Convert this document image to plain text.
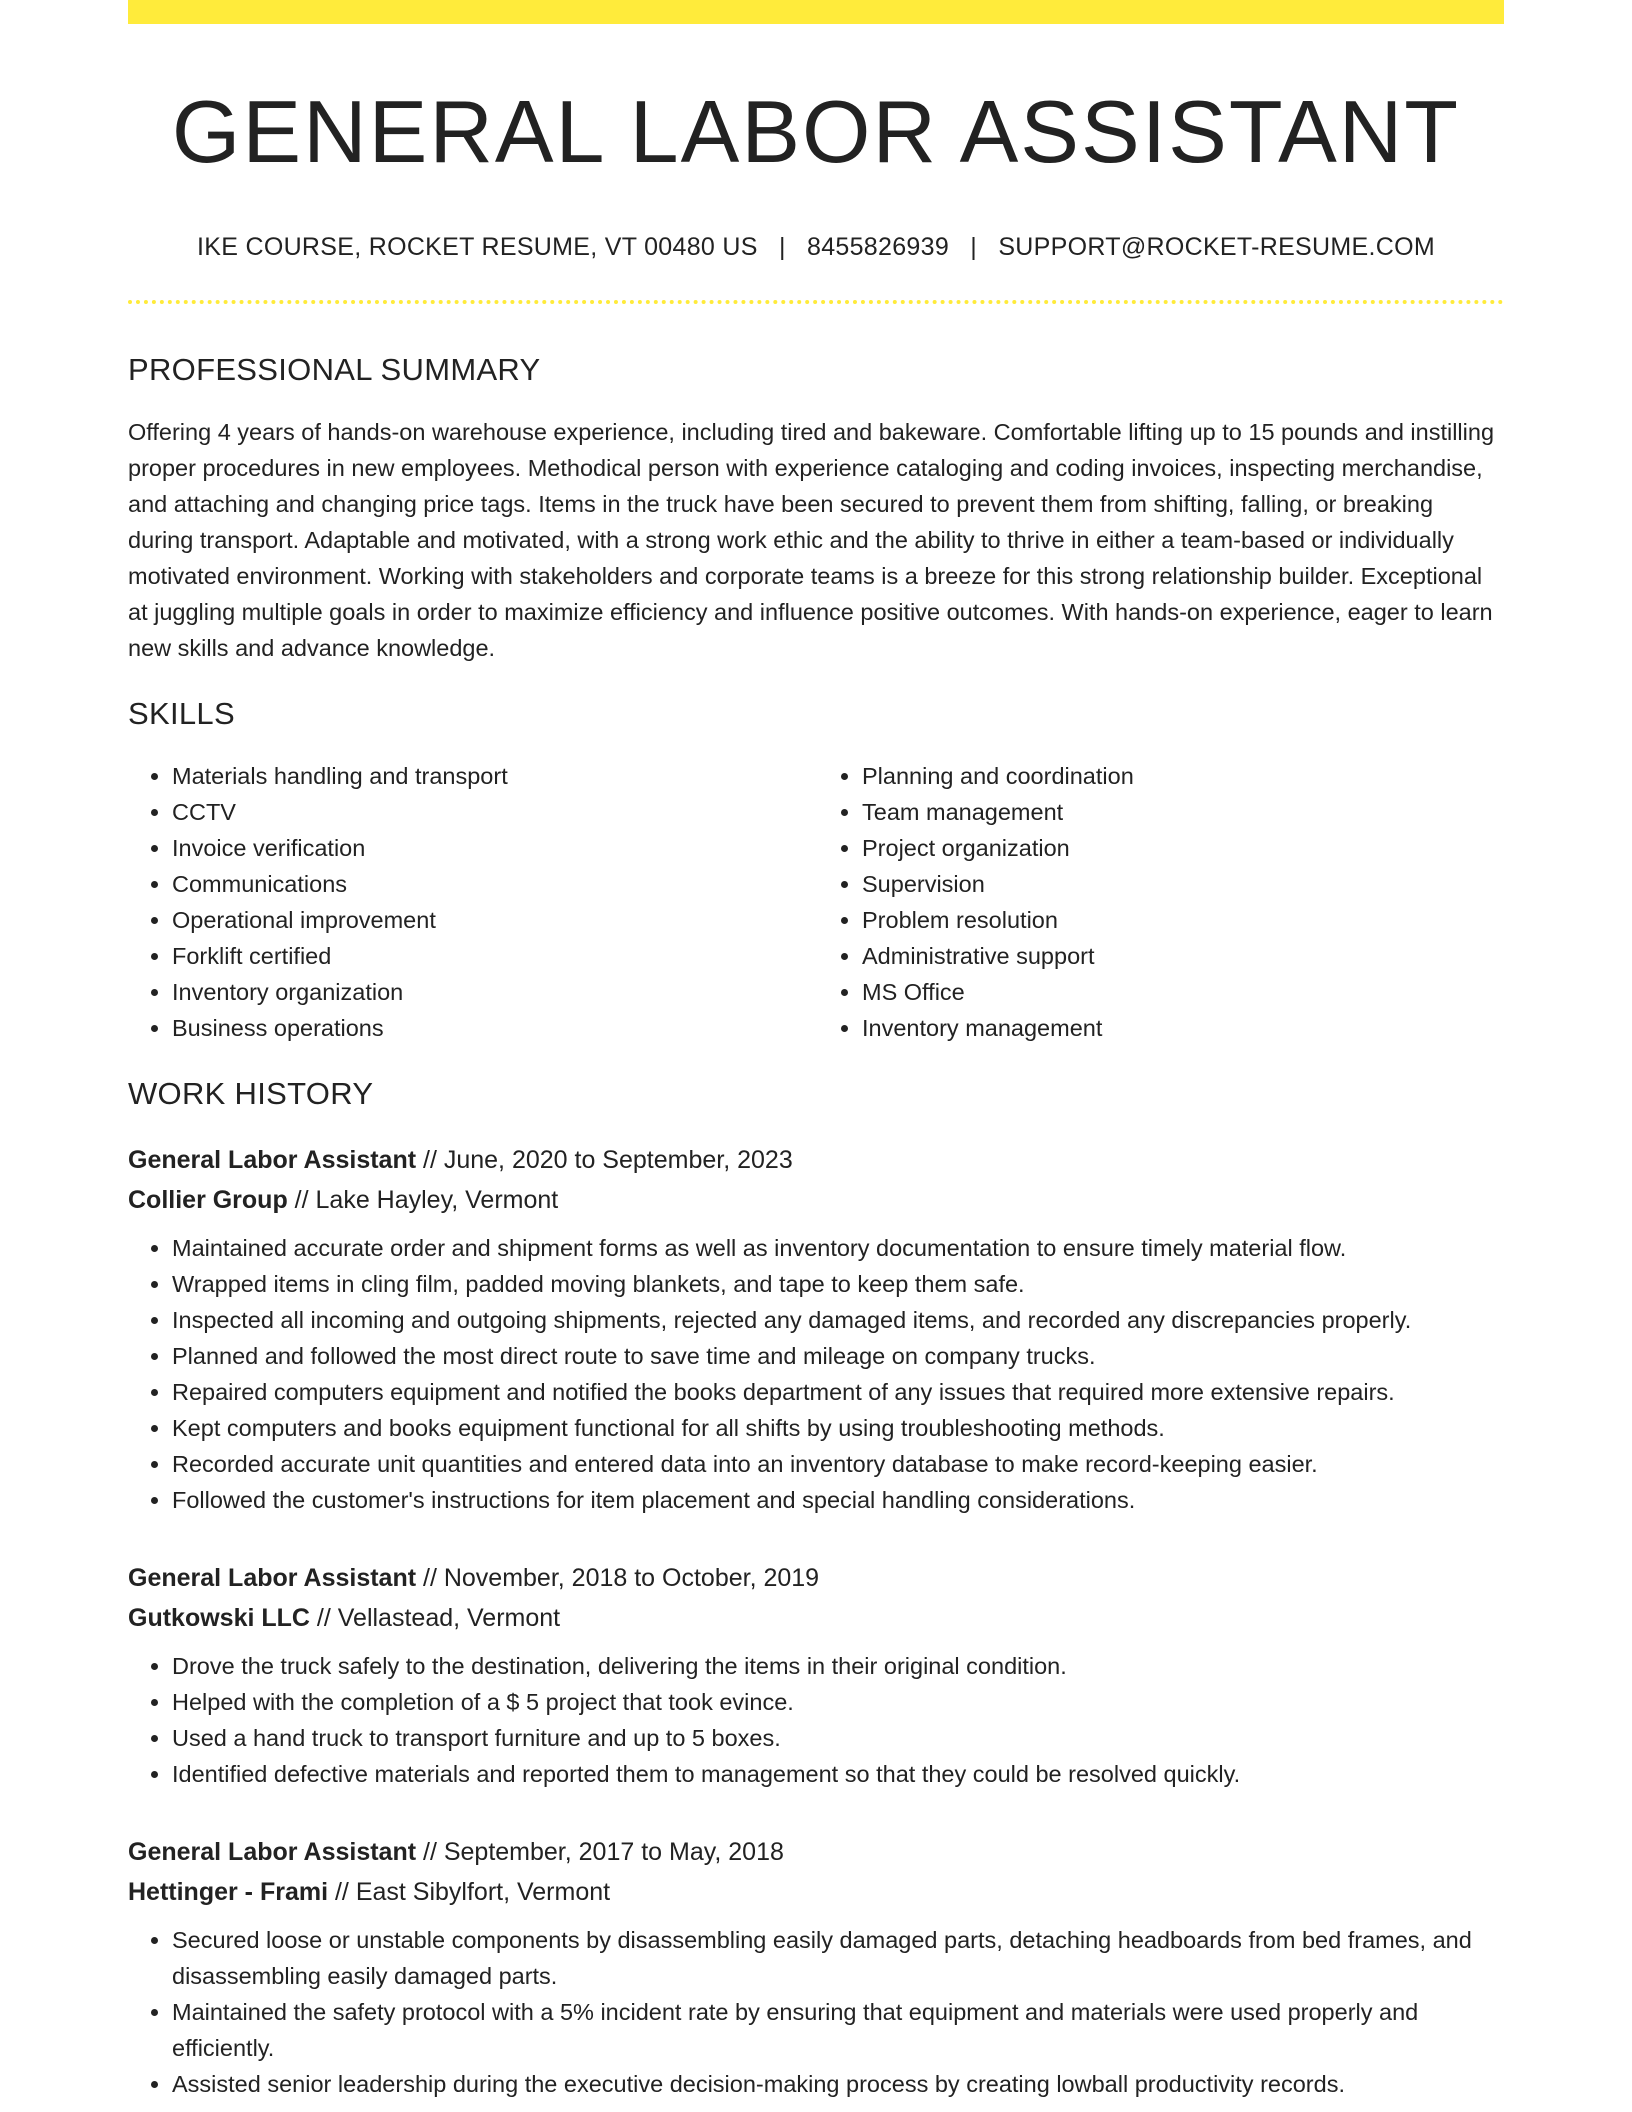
GENERAL LABOR ASSISTANT
IKE COURSE, ROCKET RESUME, VT 00480 US | 8455826939 | SUPPORT@ROCKET-RESUME.COM
PROFESSIONAL SUMMARY

Offering 4 years of hands-on warehouse experience, including tired and bakeware. Comfortable lifting up to 15 pounds and instilling proper procedures in new employees. Methodical person with experience cataloging and coding invoices, inspecting merchandise, and attaching and changing price tags. Items in the truck have been secured to prevent them from shifting, falling, or breaking during transport. Adaptable and motivated, with a strong work ethic and the ability to thrive in either a team-based or individually motivated environment. Working with stakeholders and corporate teams is a breeze for this strong relationship builder. Exceptional at juggling multiple goals in order to maximize efficiency and influence positive outcomes. With hands-on experience, eager to learn new skills and advance knowledge.

SKILLS
• Materials handling and transport
• CCTV
• Invoice verification
• Communications
• Operational improvement
• Forklift certified
• Inventory organization
• Business operations
• Planning and coordination
• Team management
• Project organization
• Supervision
• Problem resolution
• Administrative support
• MS Office
• Inventory management
WORK HISTORY
General Labor Assistant // June, 2020 to September, 2023
Collier Group // Lake Hayley, Vermont
• Maintained accurate order and shipment forms as well as inventory documentation to ensure timely material flow.
• Wrapped items in cling film, padded moving blankets, and tape to keep them safe.
• Inspected all incoming and outgoing shipments, rejected any damaged items, and recorded any discrepancies properly.
• Planned and followed the most direct route to save time and mileage on company trucks.
• Repaired computers equipment and notified the books department of any issues that required more extensive repairs.
• Kept computers and books equipment functional for all shifts by using troubleshooting methods.
• Recorded accurate unit quantities and entered data into an inventory database to make record-keeping easier.
• Followed the customer's instructions for item placement and special handling considerations.
General Labor Assistant // November, 2018 to October, 2019
Gutkowski LLC // Vellastead, Vermont
• Drove the truck safely to the destination, delivering the items in their original condition.
• Helped with the completion of a $ 5 project that took evince.
• Used a hand truck to transport furniture and up to 5 boxes.
• Identified defective materials and reported them to management so that they could be resolved quickly.
General Labor Assistant // September, 2017 to May, 2018
Hettinger - Frami // East Sibylfort, Vermont
• Secured loose or unstable components by disassembling easily damaged parts, detaching headboards from bed frames, and disassembling easily damaged parts.
• Maintained the safety protocol with a 5% incident rate by ensuring that equipment and materials were used properly and efficiently.
• Assisted senior leadership during the executive decision-making process by creating lowball productivity records.
